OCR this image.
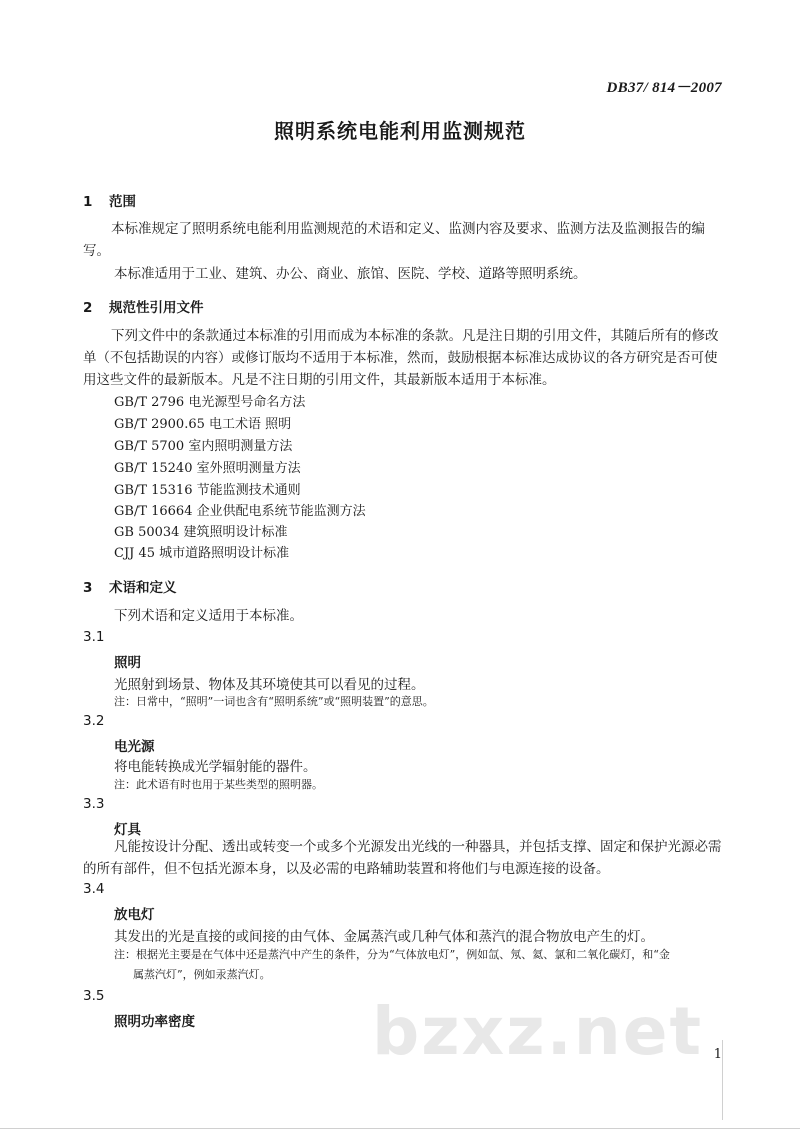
DB37/ 814－2007
照明系统电能利用监测规范
1 范围
本标准规定了照明系统电能利用监测规范的术语和定义、监测内容及要求、监测方法及监测报告的编写。
本标准适用于工业、建筑、办公、商业、旅馆、医院、学校、道路等照明系统。
2 规范性引用文件
下列文件中的条款通过本标准的引用而成为本标准的条款。凡是注日期的引用文件，其随后所有的修改单（不包括勘误的内容）或修订版均不适用于本标准，然而，鼓励根据本标准达成协议的各方研究是否可使用这些文件的最新版本。凡是不注日期的引用文件，其最新版本适用于本标准。
GB/T 2796 电光源型号命名方法
GB/T 2900.65 电工术语 照明
GB/T 5700 室内照明测量方法
GB/T 15240 室外照明测量方法
GB/T 15316 节能监测技术通则
GB/T 16664 企业供配电系统节能监测方法
GB 50034 建筑照明设计标准
CJJ 45 城市道路照明设计标准
3 术语和定义
下列术语和定义适用于本标准。
3.1
照明
光照射到场景、物体及其环境使其可以看见的过程。
注：日常中，“照明”一词也含有“照明系统”或“照明装置”的意思。
3.2
电光源
将电能转换成光学辐射能的器件。
注：此术语有时也用于某些类型的照明器。
3.3
灯具
凡能按设计分配、透出或转变一个或多个光源发出光线的一种器具，并包括支撑、固定和保护光源必需的所有部件，但不包括光源本身，以及必需的电路辅助装置和将他们与电源连接的设备。
3.4
放电灯
其发出的光是直接的或间接的由气体、金属蒸汽或几种气体和蒸汽的混合物放电产生的灯。
注：根据光主要是在气体中还是蒸汽中产生的条件，分为“气体放电灯”，例如氙、氖、氦、氯和二氧化碳灯，和“金
属蒸汽灯”，例如汞蒸汽灯。
3.5
照明功率密度	bzxz.net 1
